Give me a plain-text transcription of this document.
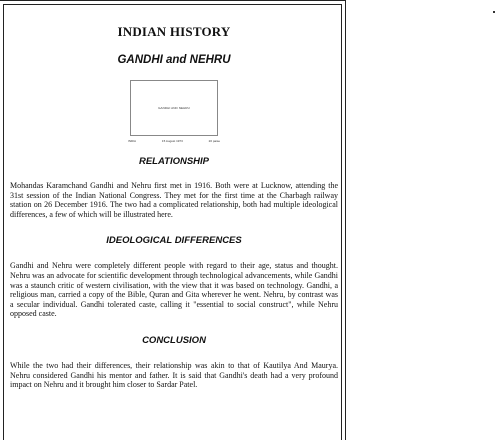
INDIAN HISTORY
GANDHI and NEHRU
GANDHI AND NEHRU
INDIA	15 August 1973	20 paise
RELATIONSHIP

Mohandas Karamchand Gandhi and Nehru first met in 1916. Both were at Lucknow, attending the 31st session of the Indian National Congress. They met for the first time at the Charbagh railway station on 26 December 1916. The two had a complicated relationship, both had multiple ideological differences, a few of which will be illustrated here.

IDEOLOGICAL DIFFERENCES

Gandhi and Nehru were completely different people with regard to their age, status and thought. Nehru was an advocate for scientific development through technological advancements, while Gandhi was a staunch critic of western civilisation, with the view that it was based on technology. Gandhi, a religious man, carried a copy of the Bible, Quran and Gita wherever he went. Nehru, by contrast was a secular individual. Gandhi tolerated caste, calling it "essential to social construct", while Nehru opposed caste.

CONCLUSION

While the two had their differences, their relationship was akin to that of Kautilya And Maurya. Nehru considered Gandhi his mentor and father. It is said that Gandhi's death had a very profound impact on Nehru and it brought him closer to Sardar Patel.
